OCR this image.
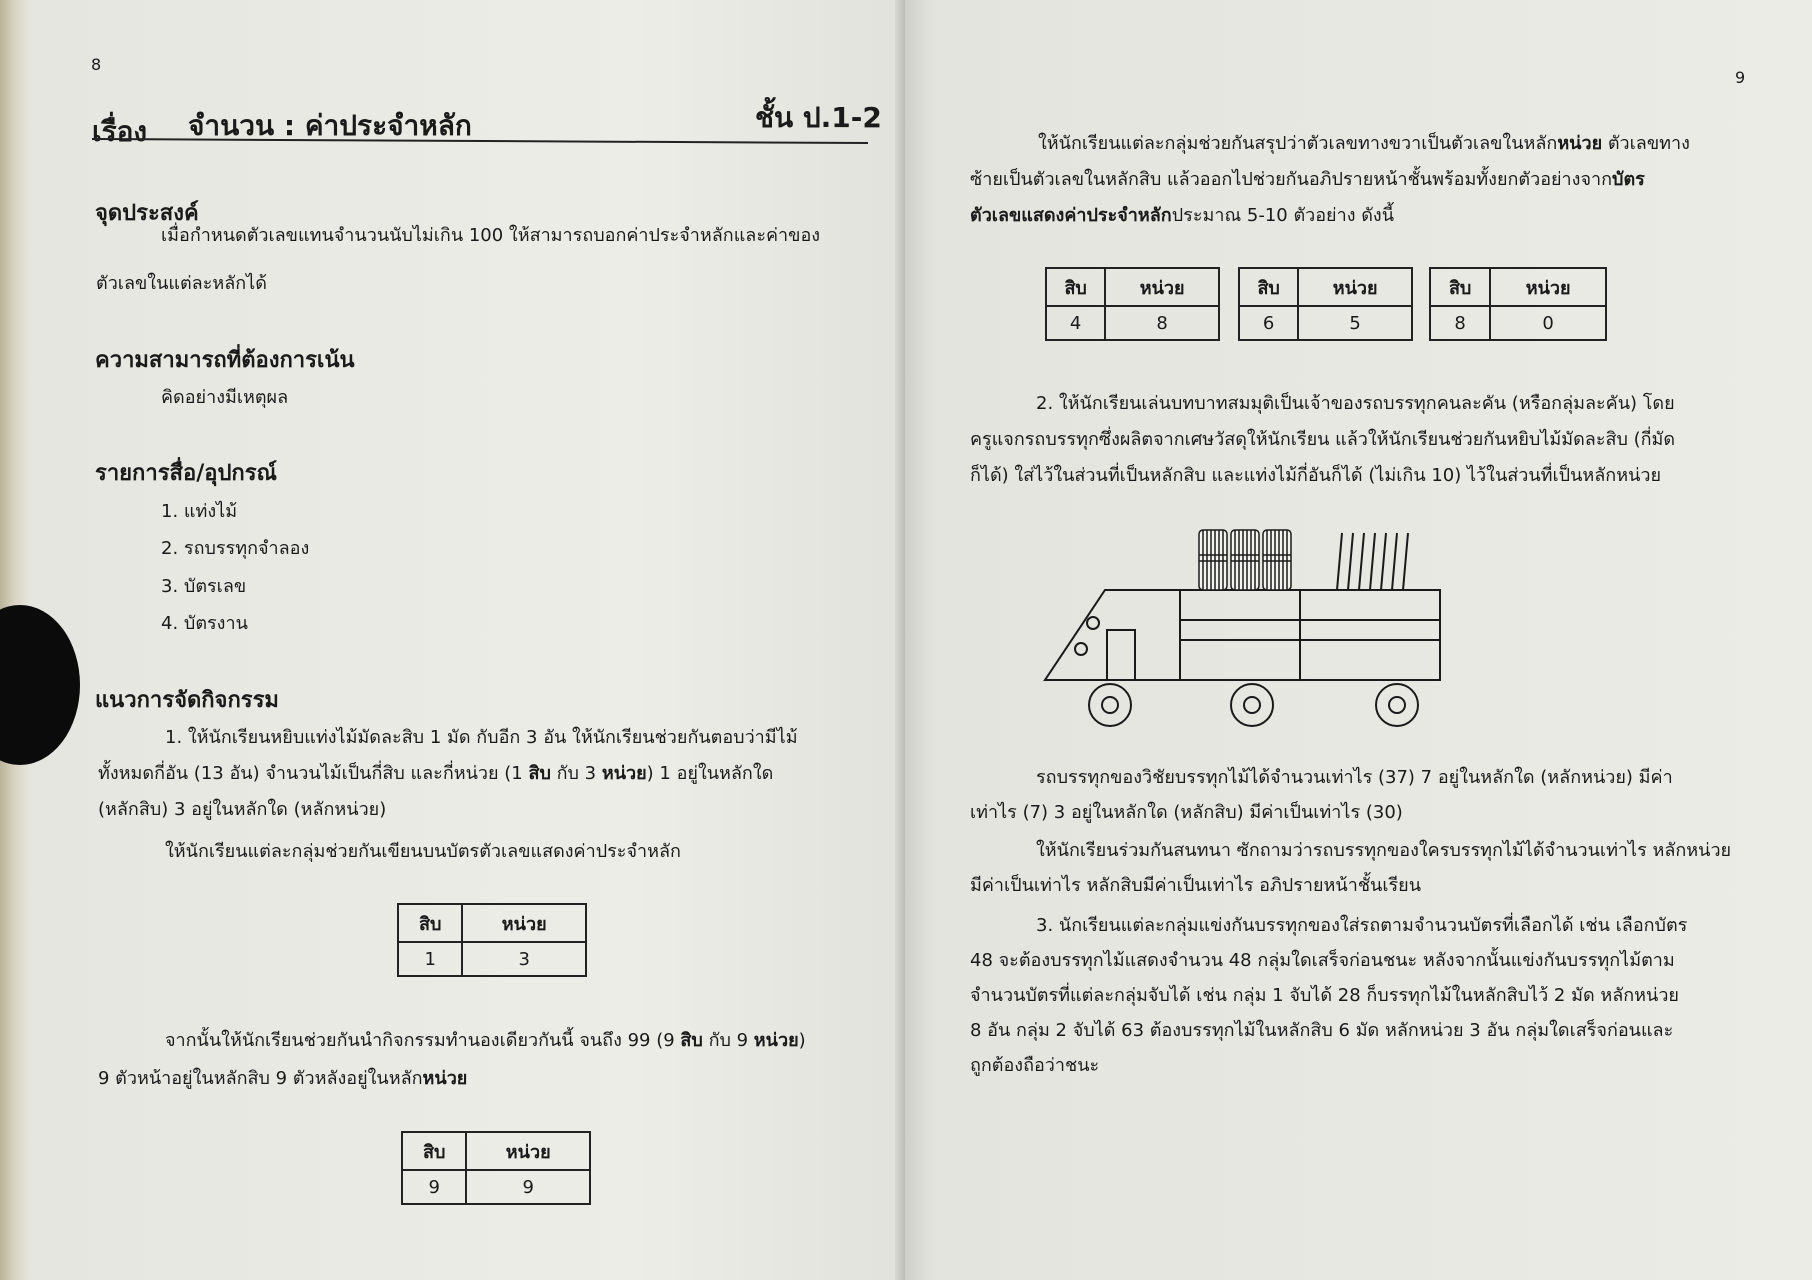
8
เรื่อง จำนวน : ค่าประจำหลัก	ชั้น ป.1-2
จุดประสงค์
เมื่อกำหนดตัวเลขแทนจำนวนนับไม่เกิน 100 ให้สามารถบอกค่าประจำหลักและค่าของ
ตัวเลขในแต่ละหลักได้
ความสามารถที่ต้องการเน้น
คิดอย่างมีเหตุผล
รายการสื่อ/อุปกรณ์
1. แท่งไม้
2. รถบรรทุกจำลอง
3. บัตรเลข
4. บัตรงาน
แนวการจัดกิจกรรม
1. ให้นักเรียนหยิบแท่งไม้มัดละสิบ 1 มัด กับอีก 3 อัน ให้นักเรียนช่วยกันตอบว่ามีไม้
ทั้งหมดกี่อัน (13 อัน) จำนวนไม้เป็นกี่สิบ และกี่หน่วย (1 สิบ กับ 3 หน่วย) 1 อยู่ในหลักใด
(หลักสิบ) 3 อยู่ในหลักใด (หลักหน่วย)
ให้นักเรียนแต่ละกลุ่มช่วยกันเขียนบนบัตรตัวเลขแสดงค่าประจำหลัก
สิบ	หน่วย
1	3
จากนั้นให้นักเรียนช่วยกันนำกิจกรรมทำนองเดียวกันนี้ จนถึง 99 (9 สิบ กับ 9 หน่วย)
9 ตัวหน้าอยู่ในหลักสิบ 9 ตัวหลังอยู่ในหลักหน่วย
สิบ	หน่วย
9	9
9
ให้นักเรียนแต่ละกลุ่มช่วยกันสรุปว่าตัวเลขทางขวาเป็นตัวเลขในหลักหน่วย ตัวเลขทาง
ซ้ายเป็นตัวเลขในหลักสิบ แล้วออกไปช่วยกันอภิปรายหน้าชั้นพร้อมทั้งยกตัวอย่างจากบัตร
ตัวเลขแสดงค่าประจำหลักประมาณ 5-10 ตัวอย่าง ดังนี้
สิบ	หน่วย
4	8
สิบ	หน่วย
6	5
สิบ	หน่วย
8	0
2. ให้นักเรียนเล่นบทบาทสมมุติเป็นเจ้าของรถบรรทุกคนละคัน (หรือกลุ่มละคัน) โดย
ครูแจกรถบรรทุกซึ่งผลิตจากเศษวัสดุให้นักเรียน แล้วให้นักเรียนช่วยกันหยิบไม้มัดละสิบ (กี่มัด
ก็ได้) ใส่ไว้ในส่วนที่เป็นหลักสิบ และแท่งไม้กี่อันก็ได้ (ไม่เกิน 10) ไว้ในส่วนที่เป็นหลักหน่วย
รถบรรทุกของวิชัยบรรทุกไม้ได้จำนวนเท่าไร (37) 7 อยู่ในหลักใด (หลักหน่วย) มีค่า
เท่าไร (7) 3 อยู่ในหลักใด (หลักสิบ) มีค่าเป็นเท่าไร (30)
ให้นักเรียนร่วมกันสนทนา ซักถามว่ารถบรรทุกของใครบรรทุกไม้ได้จำนวนเท่าไร หลักหน่วย
มีค่าเป็นเท่าไร หลักสิบมีค่าเป็นเท่าไร อภิปรายหน้าชั้นเรียน
3. นักเรียนแต่ละกลุ่มแข่งกันบรรทุกของใส่รถตามจำนวนบัตรที่เลือกได้ เช่น เลือกบัตร
48 จะต้องบรรทุกไม้แสดงจำนวน 48 กลุ่มใดเสร็จก่อนชนะ หลังจากนั้นแข่งกันบรรทุกไม้ตาม
จำนวนบัตรที่แต่ละกลุ่มจับได้ เช่น กลุ่ม 1 จับได้ 28 ก็บรรทุกไม้ในหลักสิบไว้ 2 มัด หลักหน่วย
8 อัน กลุ่ม 2 จับได้ 63 ต้องบรรทุกไม้ในหลักสิบ 6 มัด หลักหน่วย 3 อัน กลุ่มใดเสร็จก่อนและ
ถูกต้องถือว่าชนะ
